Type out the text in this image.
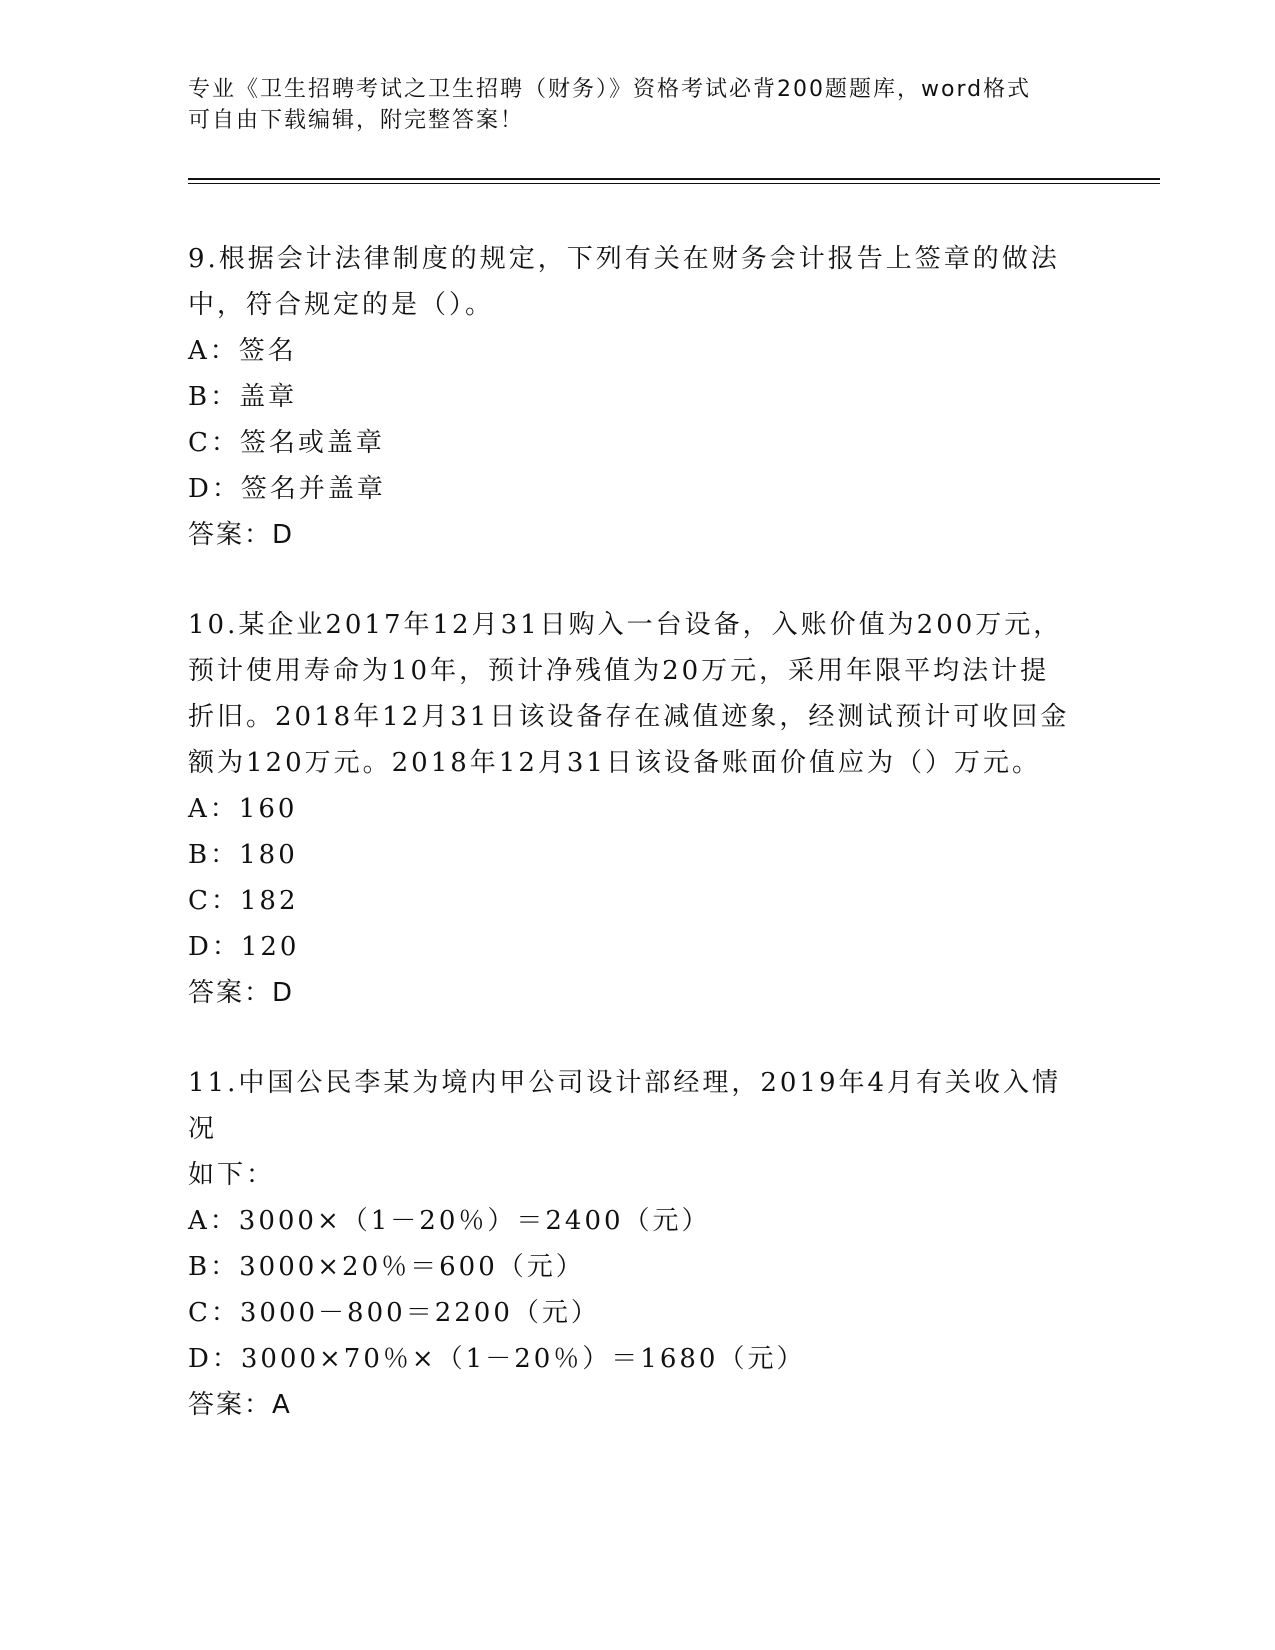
专业《卫生招聘考试之卫生招聘（财务）》资格考试必背200题题库，word格式
可自由下载编辑，附完整答案！
9.根据会计法律制度的规定，下列有关在财务会计报告上签章的做法
中，符合规定的是（）。
A：签名
B：盖章
C：签名或盖章
D：签名并盖章
答案：D
10.某企业2017年12月31日购入一台设备，入账价值为200万元，
预计使用寿命为10年，预计净残值为20万元，采用年限平均法计提
折旧。2018年12月31日该设备存在减值迹象，经测试预计可收回金
额为120万元。2018年12月31日该设备账面价值应为（）万元。
A：160
B：180
C：182
D：120
答案：D
11.中国公民李某为境内甲公司设计部经理，2019年4月有关收入情况
如下：
A：3000×（1－20％）＝2400（元）
B：3000×20％＝600（元）
C：3000－800＝2200（元）
D：3000×70％×（1－20％）＝1680（元）
答案：A
